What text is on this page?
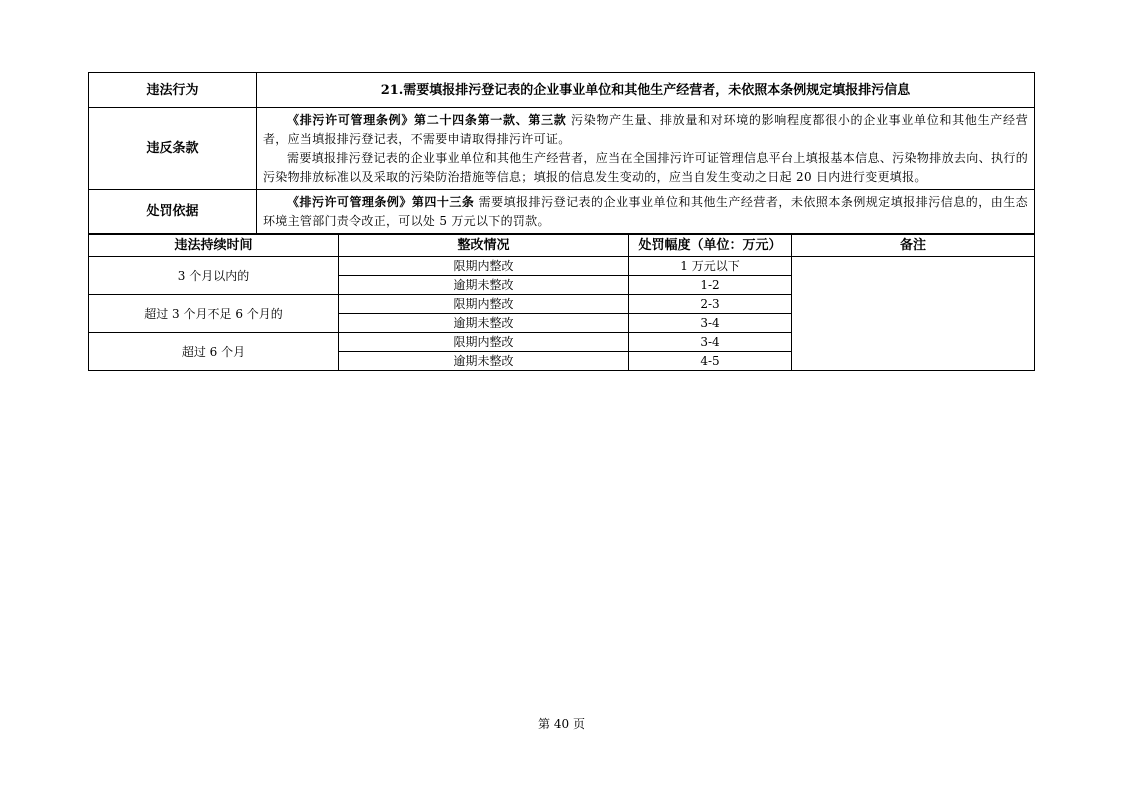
违法行为	21.需要填报排污登记表的企业事业单位和其他生产经营者，未依照本条例规定填报排污信息
违反条款	《排污许可管理条例》第二十四条第一款、第三款 污染物产生量、排放量和对环境的影响程度都很小的企业事业单位和其他生产经营者，应当填报排污登记表，不需要申请取得排污许可证。

需要填报排污登记表的企业事业单位和其他生产经营者，应当在全国排污许可证管理信息平台上填报基本信息、污染物排放去向、执行的污染物排放标准以及采取的污染防治措施等信息；填报的信息发生变动的，应当自发生变动之日起 20 日内进行变更填报。

处罚依据	《排污许可管理条例》第四十三条 需要填报排污登记表的企业事业单位和其他生产经营者，未依照本条例规定填报排污信息的，由生态环境主管部门责令改正，可以处 5 万元以下的罚款。

违法持续时间	整改情况	处罚幅度（单位：万元）	备注
3 个月以内的	限期内整改	1 万元以下	
	逾期未整改	1-2	
超过 3 个月不足 6 个月的	限期内整改	2-3	
	逾期未整改	3-4	
超过 6 个月	限期内整改	3-4	
	逾期未整改	4-5	
第 40 页
